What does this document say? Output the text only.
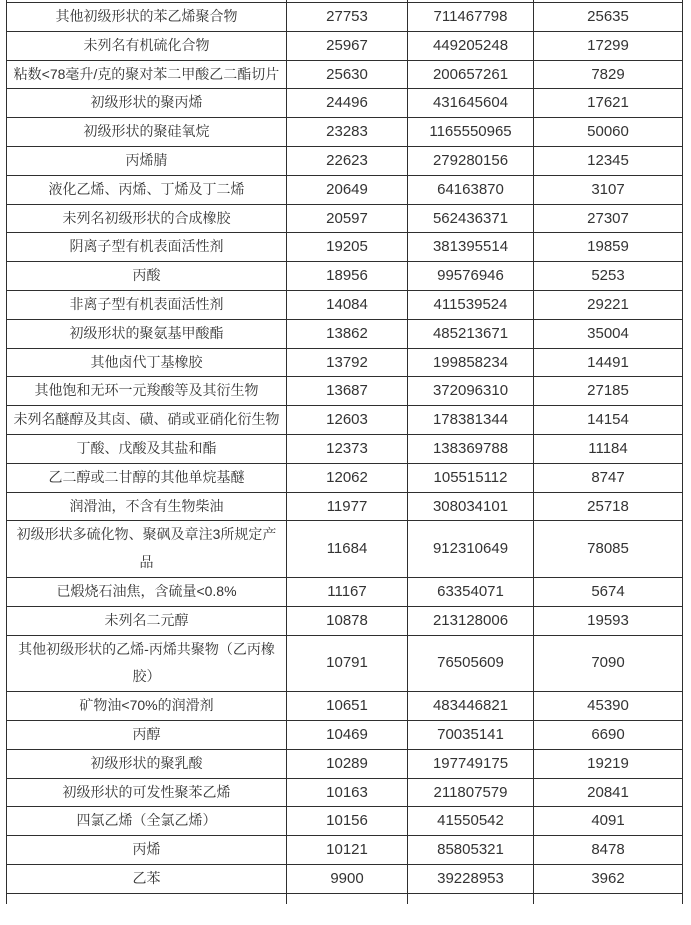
其他初级形状的苯乙烯聚合物	27753	711467798	25635
未列名有机硫化合物	25967	449205248	17299
粘数<78毫升/克的聚对苯二甲酸乙二酯切片	25630	200657261	7829
初级形状的聚丙烯	24496	431645604	17621
初级形状的聚硅氧烷	23283	1165550965	50060
丙烯腈	22623	279280156	12345
液化乙烯、丙烯、丁烯及丁二烯	20649	64163870	3107
未列名初级形状的合成橡胶	20597	562436371	27307
阴离子型有机表面活性剂	19205	381395514	19859
丙酸	18956	99576946	5253
非离子型有机表面活性剂	14084	411539524	29221
初级形状的聚氨基甲酸酯	13862	485213671	35004
其他卤代丁基橡胶	13792	199858234	14491
其他饱和无环一元羧酸等及其衍生物	13687	372096310	27185
未列名醚醇及其卤、磺、硝或亚硝化衍生物	12603	178381344	14154
丁酸、戊酸及其盐和酯	12373	138369788	11184
乙二醇或二甘醇的其他单烷基醚	12062	105515112	8747
润滑油，不含有生物柴油	11977	308034101	25718
初级形状多硫化物、聚砜及章注3所规定产品	11684	912310649	78085
已煅烧石油焦，含硫量<0.8%	11167	63354071	5674
未列名二元醇	10878	213128006	19593
其他初级形状的乙烯-丙烯共聚物（乙丙橡胶）	10791	76505609	7090
矿物油<70%的润滑剂	10651	483446821	45390
丙醇	10469	70035141	6690
初级形状的聚乳酸	10289	197749175	19219
初级形状的可发性聚苯乙烯	10163	211807579	20841
四氯乙烯（全氯乙烯）	10156	41550542	4091
丙烯	10121	85805321	8478
乙苯	9900	39228953	3962
